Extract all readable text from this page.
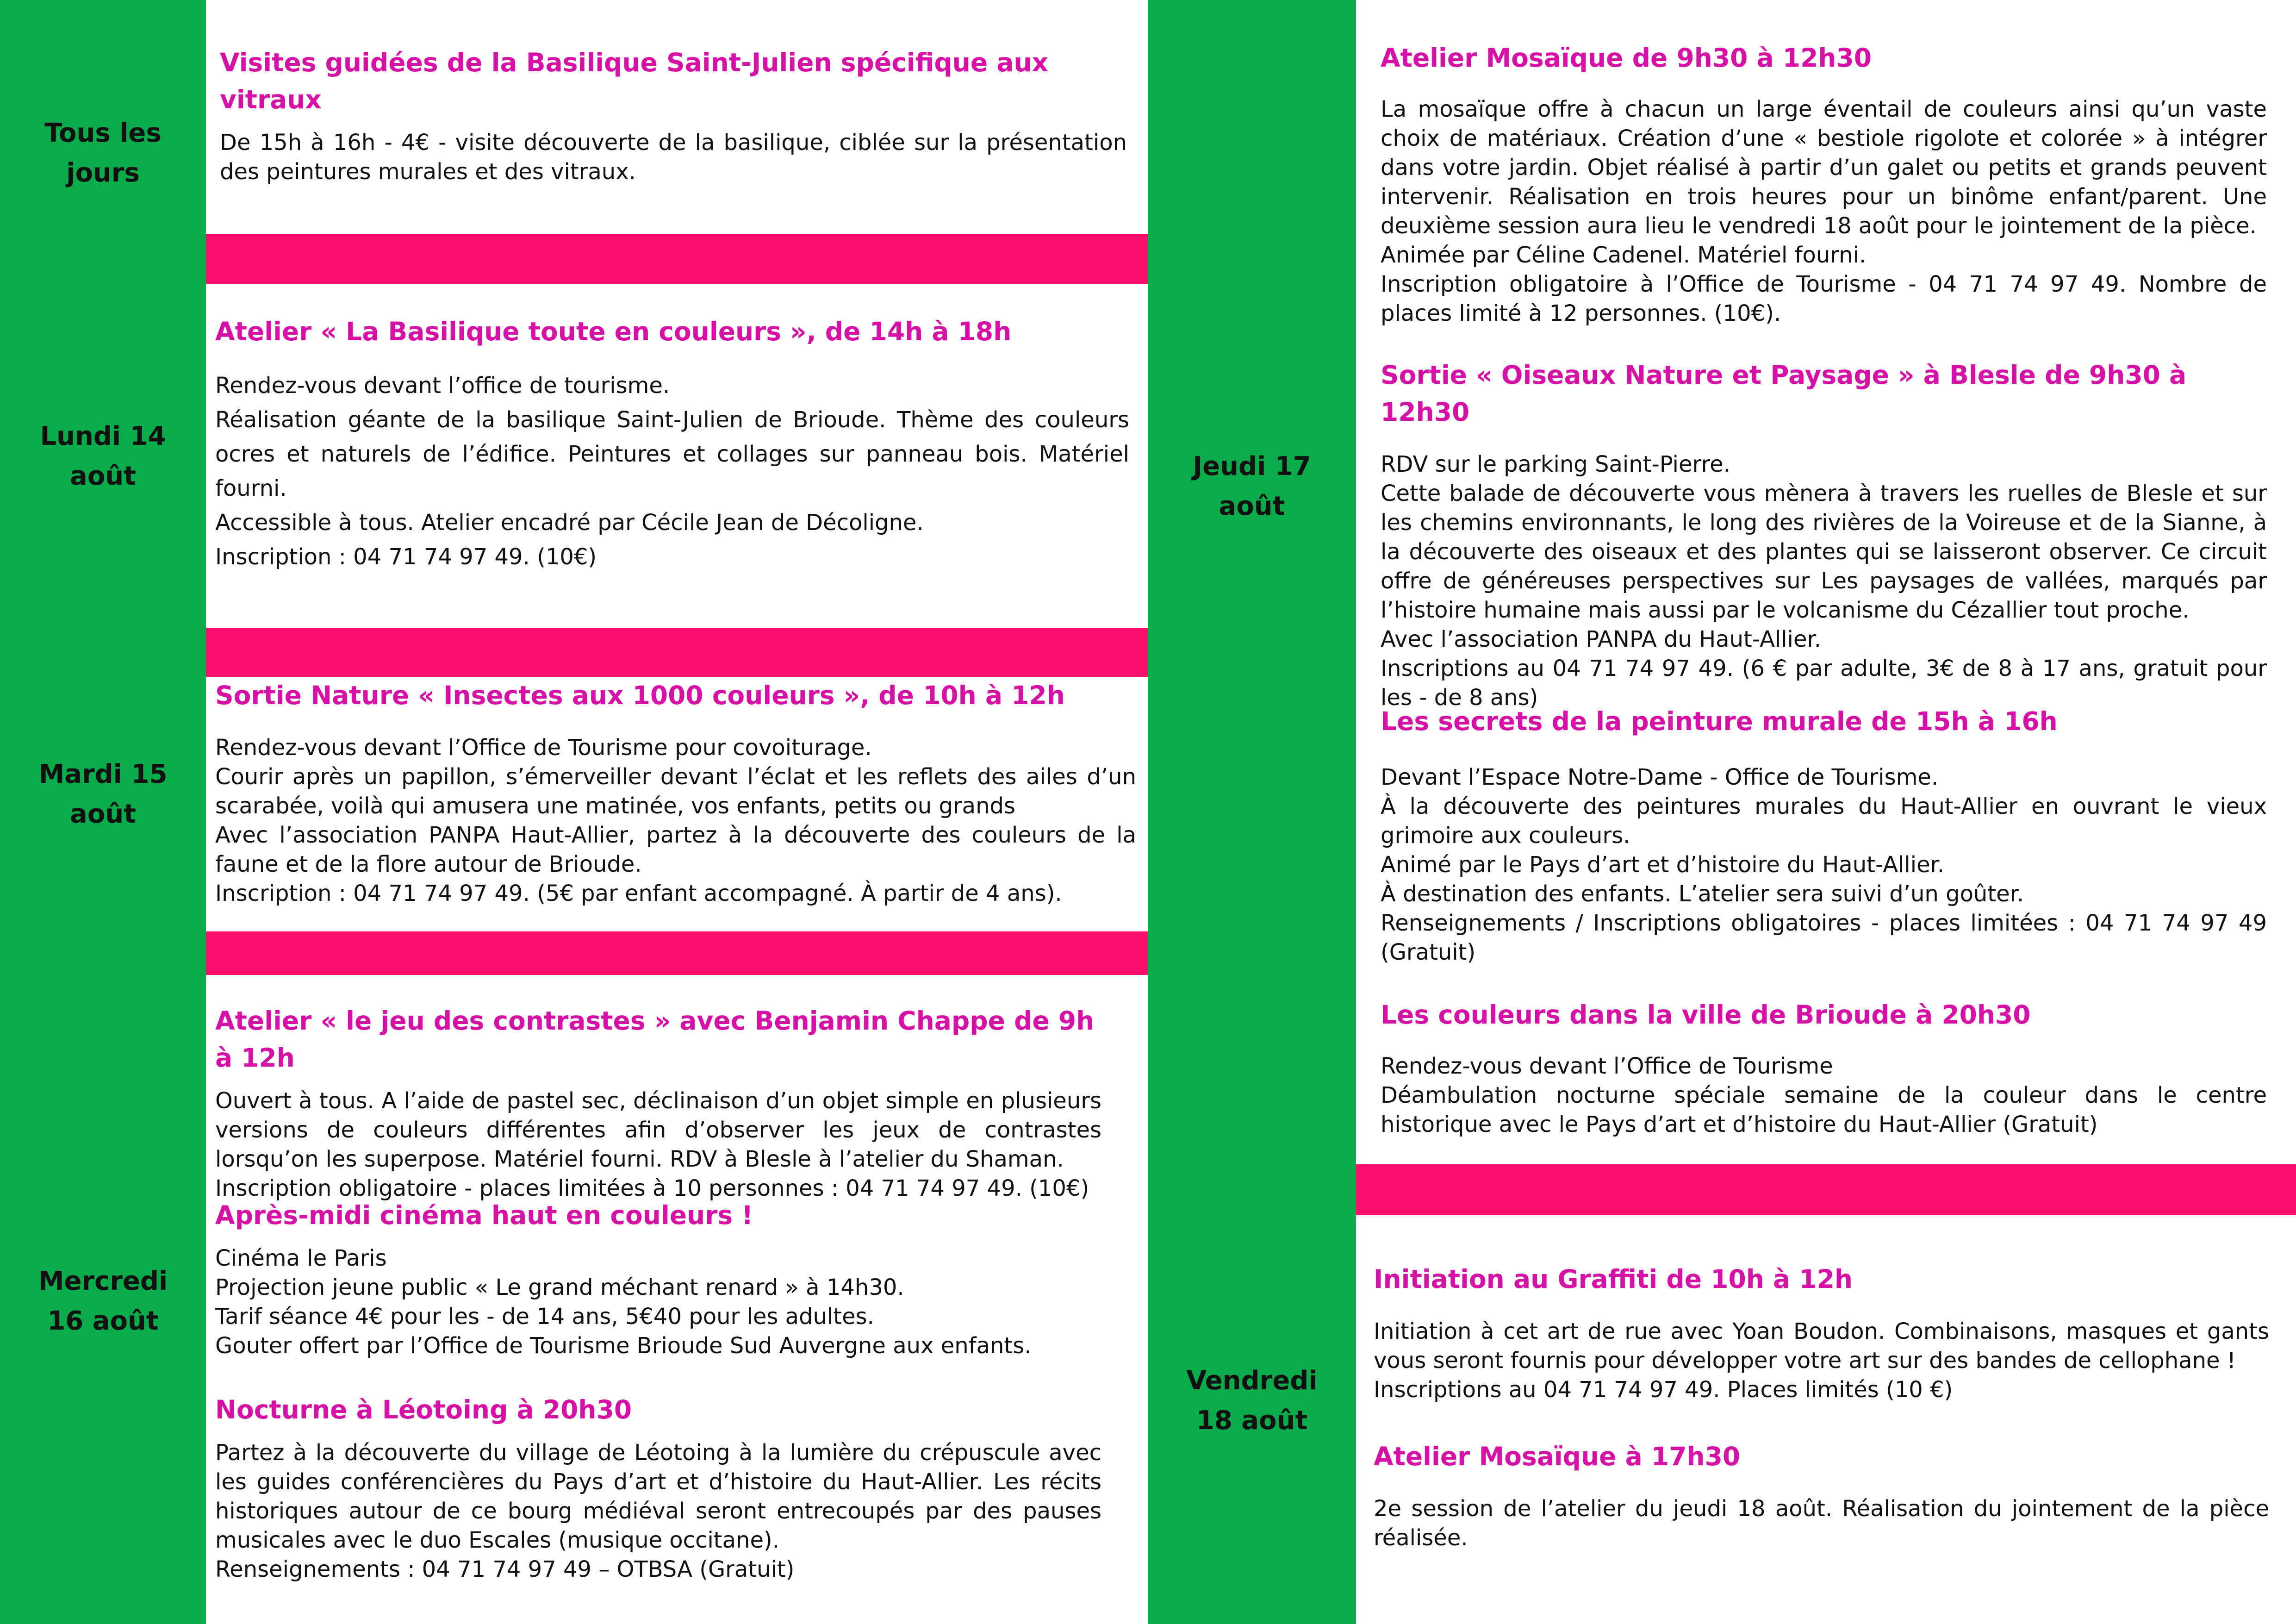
Tous les
jours
Lundi 14
août
Mardi 15
août
Mercredi
16 août
Visites guidées de la Basilique Saint-Julien spécifique aux vitraux

De 15h à 16h - 4€ - visite découverte de la basilique, ciblée sur la présentation des peintures murales et des vitraux.

Atelier « La Basilique toute en couleurs », de 14h à 18h

Rendez-vous devant l’office de tourisme.

Réalisation géante de la basilique Saint-Julien de Brioude. Thème des couleurs ocres et naturels de l’édifice. Peintures et collages sur panneau bois. Matériel fourni.

Accessible à tous. Atelier encadré par Cécile Jean de Décoligne.

Inscription : 04 71 74 97 49. (10€)

Sortie Nature « Insectes aux 1000 couleurs », de 10h à 12h

Rendez-vous devant l’Office de Tourisme pour covoiturage.

Courir après un papillon, s’émerveiller devant l’éclat et les reflets des ailes d’un scarabée, voilà qui amusera une matinée, vos enfants, petits ou grands

Avec l’association PANPA Haut-Allier, partez à la découverte des couleurs de la faune et de la flore autour de Brioude.

Inscription : 04 71 74 97 49. (5€ par enfant accompagné. À partir de 4 ans).

Atelier « le jeu des contrastes » avec Benjamin Chappe de 9h à 12h

Ouvert à tous. A l’aide de pastel sec, déclinaison d’un objet simple en plusieurs versions de couleurs différentes afin d’observer les jeux de contrastes lorsqu’on les superpose. Matériel fourni. RDV à Blesle à l’atelier du Shaman.

Inscription obligatoire - places limitées à 10 personnes : 04 71 74 97 49. (10€)

Après-midi cinéma haut en couleurs !

Cinéma le Paris

Projection jeune public « Le grand méchant renard » à 14h30.

Tarif séance 4€ pour les - de 14 ans, 5€40 pour les adultes.

Gouter offert par l’Office de Tourisme Brioude Sud Auvergne aux enfants.

Nocturne à Léotoing à 20h30

Partez à la découverte du village de Léotoing à la lumière du crépuscule avec les guides conférencières du Pays d’art et d’histoire du Haut-Allier. Les récits historiques autour de ce bourg médiéval seront entrecoupés par des pauses musicales avec le duo Escales (musique occitane).

Renseignements : 04 71 74 97 49 – OTBSA (Gratuit)

Jeudi 17
août
Vendredi
18 août
Atelier Mosaïque de 9h30 à 12h30

La mosaïque offre à chacun un large éventail de couleurs ainsi qu’un vaste choix de matériaux. Création d’une « bestiole rigolote et colorée » à intégrer dans votre jardin. Objet réalisé à partir d’un galet ou petits et grands peuvent intervenir. Réalisation en trois heures pour un binôme enfant/parent. Une deuxième session aura lieu le vendredi 18 août pour le jointement de la pièce.

Animée par Céline Cadenel. Matériel fourni.

Inscription obligatoire à l’Office de Tourisme - 04 71 74 97 49. Nombre de places limité à 12 personnes. (10€).

Sortie « Oiseaux Nature et Paysage » à Blesle de 9h30 à 12h30

RDV sur le parking Saint-Pierre.

Cette balade de découverte vous mènera à travers les ruelles de Blesle et sur les chemins environnants, le long des rivières de la Voireuse et de la Sianne, à la découverte des oiseaux et des plantes qui se laisseront observer. Ce circuit offre de généreuses perspectives sur Les paysages de vallées, marqués par l’histoire humaine mais aussi par le volcanisme du Cézallier tout proche.

Avec l’association PANPA du Haut-Allier.

Inscriptions au 04 71 74 97 49. (6 € par adulte, 3€ de 8 à 17 ans, gratuit pour les - de 8 ans)

Les secrets de la peinture murale de 15h à 16h

Devant l’Espace Notre-Dame - Office de Tourisme.

À la découverte des peintures murales du Haut-Allier en ouvrant le vieux grimoire aux couleurs.

Animé par le Pays d’art et d’histoire du Haut-Allier.

À destination des enfants. L’atelier sera suivi d’un goûter.

Renseignements / Inscriptions obligatoires - places limitées : 04 71 74 97 49 (Gratuit)

Les couleurs dans la ville de Brioude à 20h30

Rendez-vous devant l’Office de Tourisme

Déambulation nocturne spéciale semaine de la couleur dans le centre historique avec le Pays d’art et d’histoire du Haut-Allier (Gratuit)

Initiation au Graffiti de 10h à 12h

Initiation à cet art de rue avec Yoan Boudon. Combinaisons, masques et gants vous seront fournis pour développer votre art sur des bandes de cellophane !

Inscriptions au 04 71 74 97 49. Places limités (10 €)

Atelier Mosaïque à 17h30

2e session de l’atelier du jeudi 18 août. Réalisation du jointement de la pièce réalisée.
